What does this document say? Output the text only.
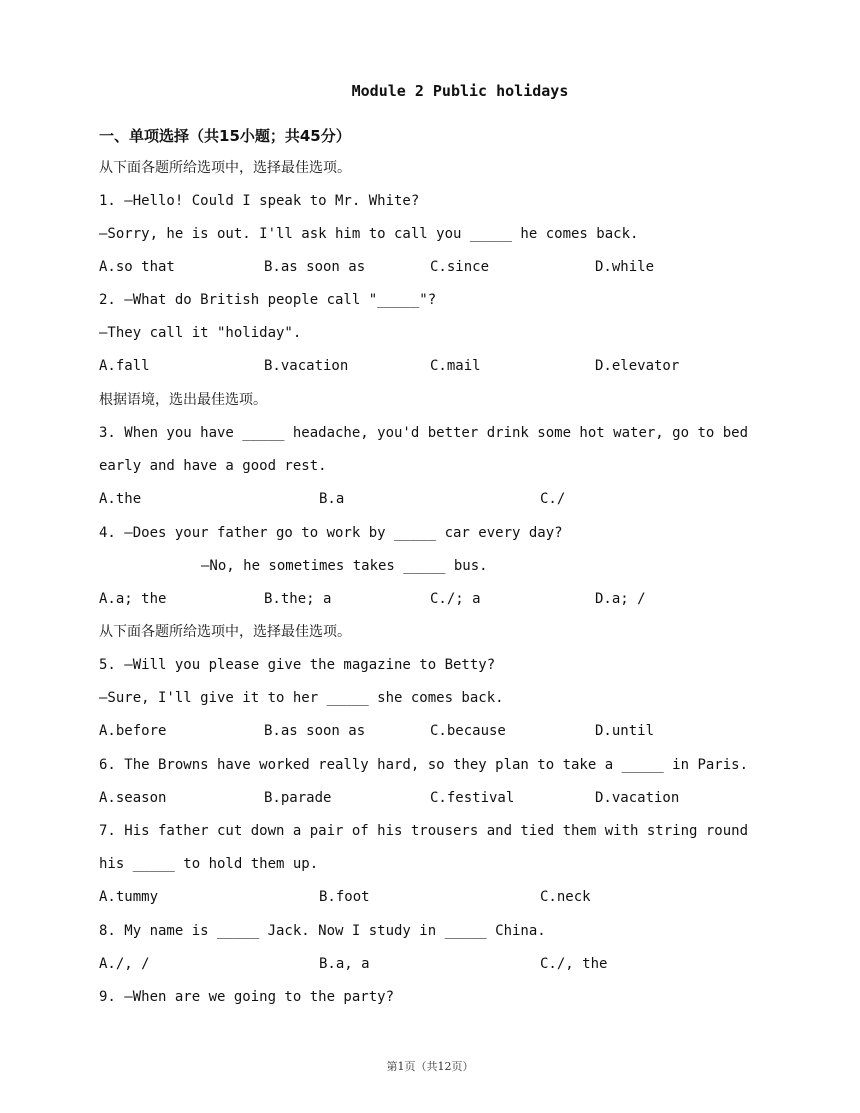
Module 2 Public holidays
一、单项选择（共15小题；共45分）
从下面各题所给选项中，选择最佳选项。
1. —Hello! Could I speak to Mr. White?
—Sorry, he is out. I'll ask him to call you _____ he comes back.
A.so that	B.as soon as	C.since	D.while
2. —What do British people call "_____"?
—They call it "holiday".
A.fall	B.vacation	C.mail	D.elevator
根据语境，选出最佳选项。
3. When you have _____ headache, you'd better drink some hot water, go to bed
early and have a good rest.
A.the	B.a	C./
4. —Does your father go to work by _____ car every day?
—No, he sometimes takes _____ bus.
A.a; the	B.the; a	C./; a	D.a; /
从下面各题所给选项中，选择最佳选项。
5. —Will you please give the magazine to Betty?
—Sure, I'll give it to her _____ she comes back.
A.before	B.as soon as	C.because	D.until
6. The Browns have worked really hard, so they plan to take a _____ in Paris.
A.season	B.parade	C.festival	D.vacation
7. His father cut down a pair of his trousers and tied them with string round
his _____ to hold them up.
A.tummy	B.foot	C.neck
8. My name is _____ Jack. Now I study in _____ China.
A./, /	B.a, a	C./, the
9. —When are we going to the party?
第1页（共12页）
